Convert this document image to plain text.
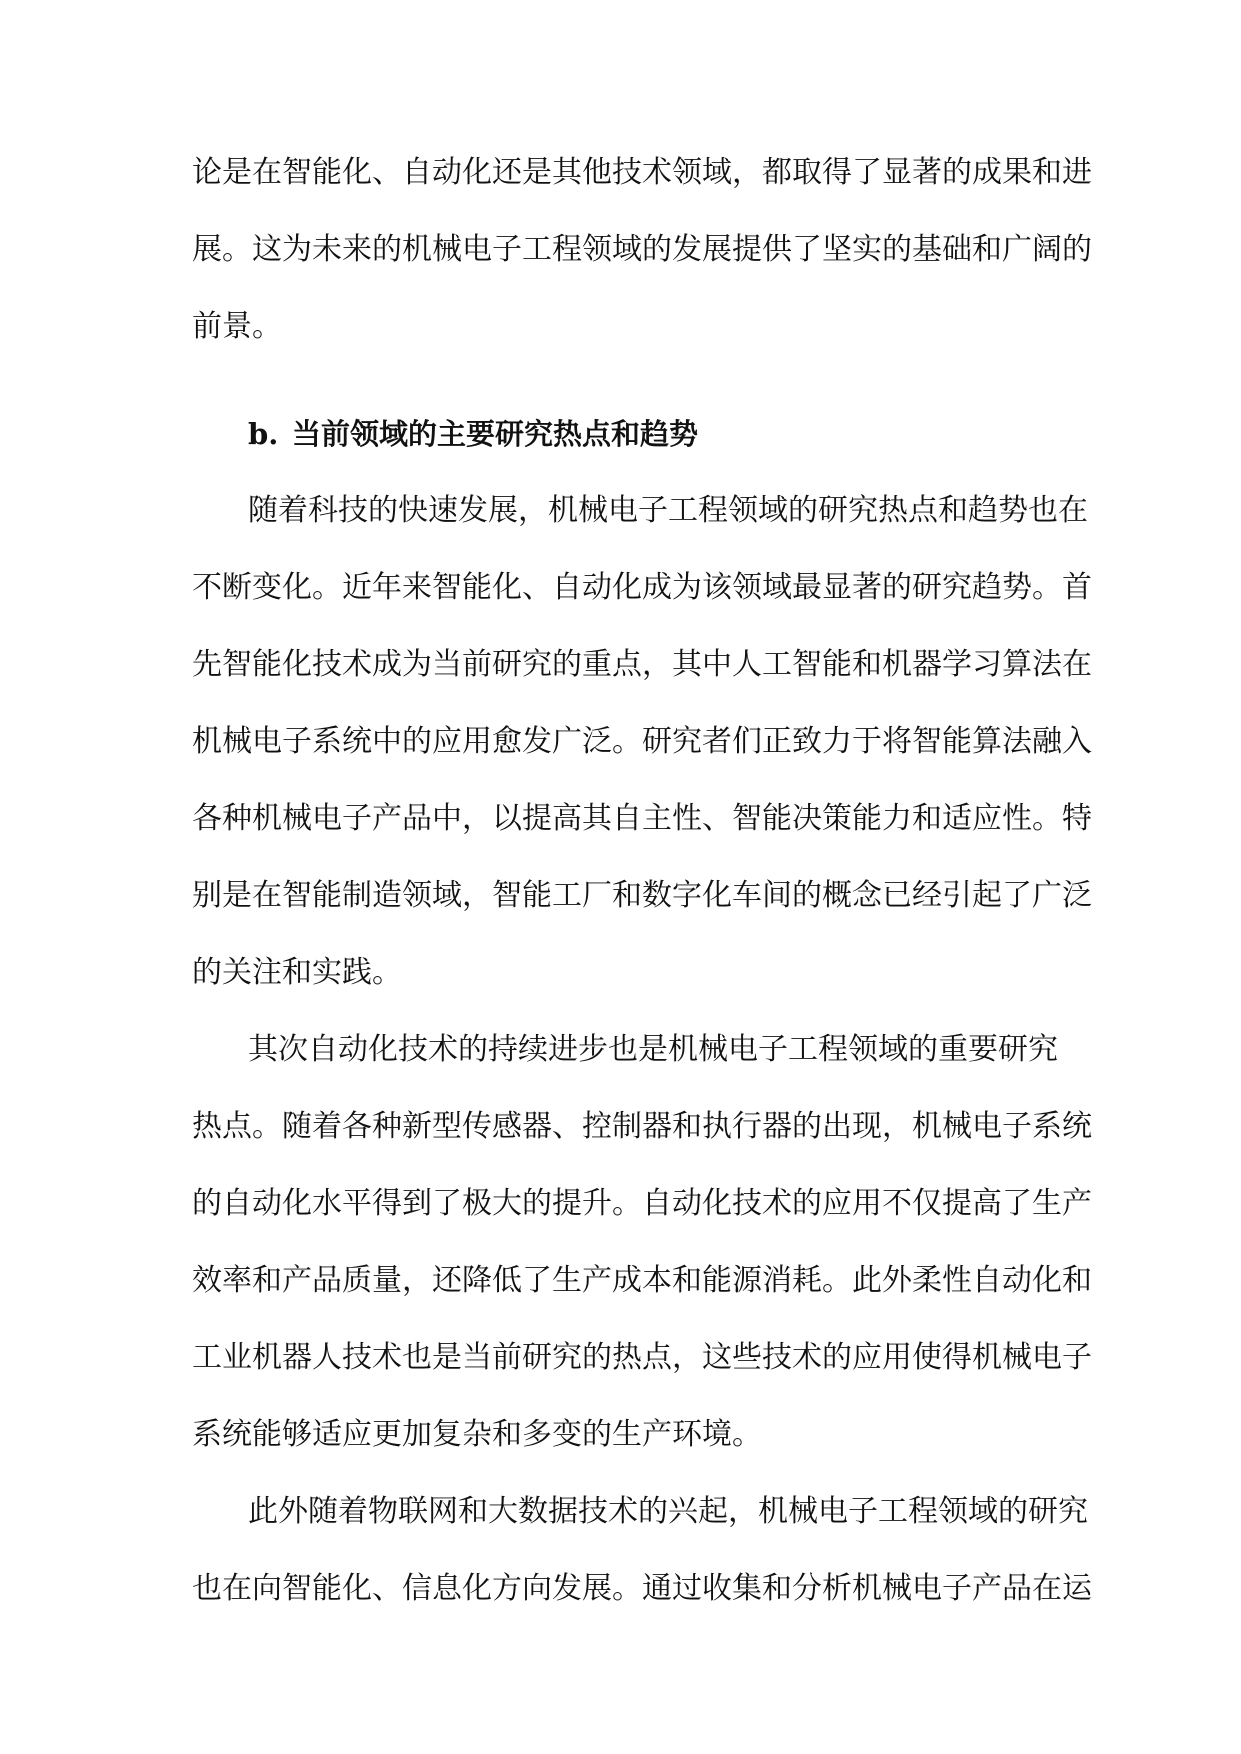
论是在智能化、自动化还是其他技术领域，都取得了显著的成果和进
展。这为未来的机械电子工程领域的发展提供了坚实的基础和广阔的
前景。
b. 当前领域的主要研究热点和趋势
随着科技的快速发展，机械电子工程领域的研究热点和趋势也在
不断变化。近年来智能化、自动化成为该领域最显著的研究趋势。首
先智能化技术成为当前研究的重点，其中人工智能和机器学习算法在
机械电子系统中的应用愈发广泛。研究者们正致力于将智能算法融入
各种机械电子产品中，以提高其自主性、智能决策能力和适应性。特
别是在智能制造领域，智能工厂和数字化车间的概念已经引起了广泛
的关注和实践。
其次自动化技术的持续进步也是机械电子工程领域的重要研究
热点。随着各种新型传感器、控制器和执行器的出现，机械电子系统
的自动化水平得到了极大的提升。自动化技术的应用不仅提高了生产
效率和产品质量，还降低了生产成本和能源消耗。此外柔性自动化和
工业机器人技术也是当前研究的热点，这些技术的应用使得机械电子
系统能够适应更加复杂和多变的生产环境。
此外随着物联网和大数据技术的兴起，机械电子工程领域的研究
也在向智能化、信息化方向发展。通过收集和分析机械电子产品在运
